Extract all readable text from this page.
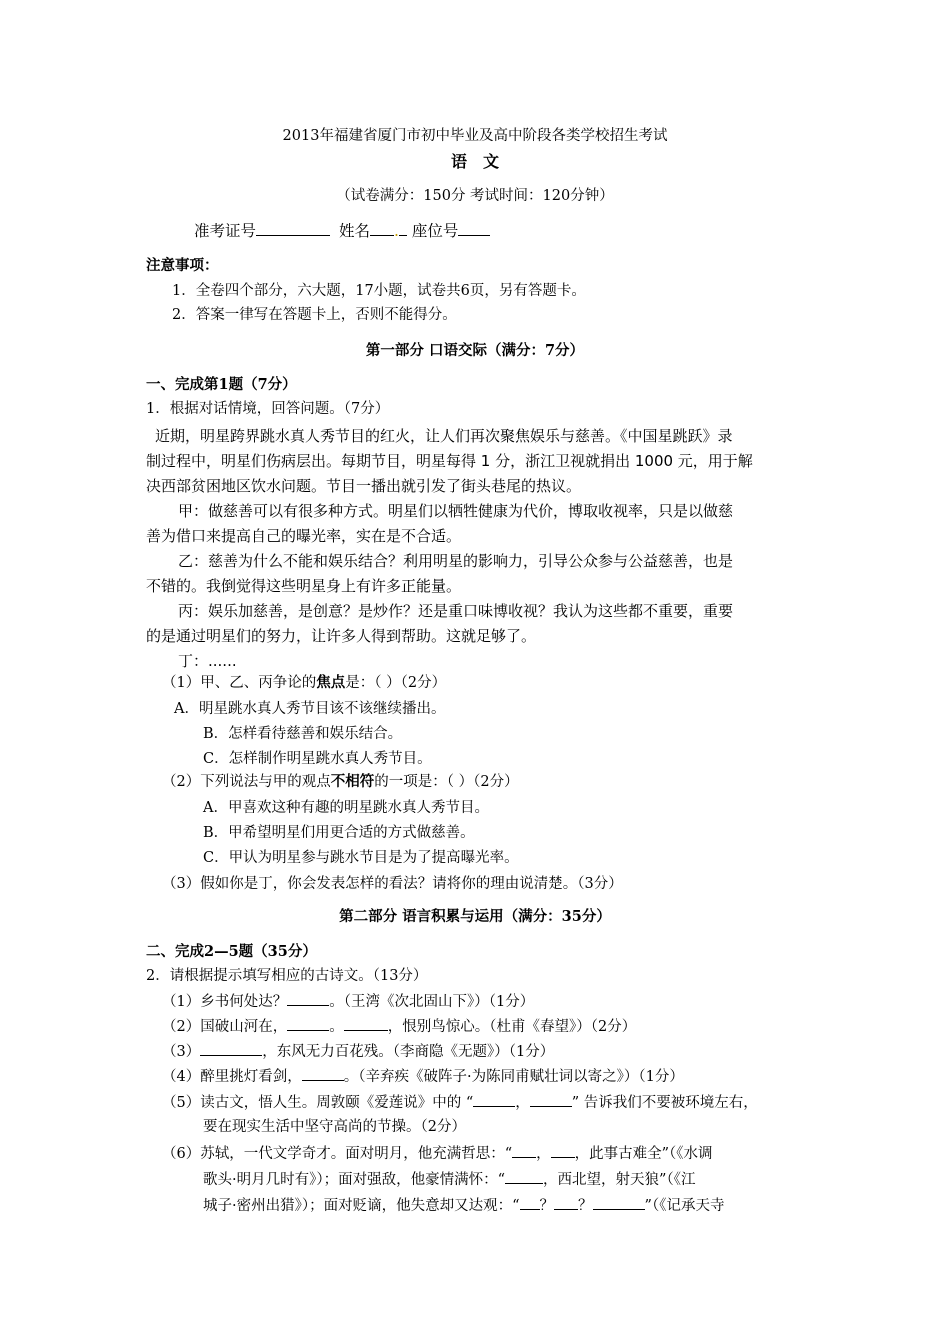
2013年福建省厦门市初中毕业及高中阶段各类学校招生考试
语　文
（试卷满分：150分 考试时间：120分钟）
准考证号	姓名 . 座位号
注意事项：
1．全卷四个部分，六大题，17小题，试卷共6页，另有答题卡。
2．答案一律写在答题卡上，否则不能得分。
第一部分 口语交际（满分：7分）
一、完成第1题（7分）
1．根据对话情境，回答问题。（7分）
近期，明星跨界跳水真人秀节目的红火，让人们再次聚焦娱乐与慈善。《中国星跳跃》录
制过程中，明星们伤病层出。每期节目，明星每得 1 分，浙江卫视就捐出 1000 元，用于解
决西部贫困地区饮水问题。节目一播出就引发了街头巷尾的热议。
甲：做慈善可以有很多种方式。明星们以牺牲健康为代价，博取收视率，只是以做慈
善为借口来提高自己的曝光率，实在是不合适。
乙：慈善为什么不能和娱乐结合？利用明星的影响力，引导公众参与公益慈善，也是
不错的。我倒觉得这些明星身上有许多正能量。
丙：娱乐加慈善，是创意？是炒作？还是重口味博收视？我认为这些都不重要，重要
的是通过明星们的努力，让许多人得到帮助。这就足够了。
丁：......
（1）甲、乙、丙争论的焦点是：（ ）（2分）
A．明星跳水真人秀节目该不该继续播出。
B．怎样看待慈善和娱乐结合。
C．怎样制作明星跳水真人秀节目。
（2）下列说法与甲的观点不相符的一项是：（ ）（2分）
A．甲喜欢这种有趣的明星跳水真人秀节目。
B．甲希望明星们用更合适的方式做慈善。
C．甲认为明星参与跳水节目是为了提高曝光率。
（3）假如你是丁，你会发表怎样的看法？请将你的理由说清楚。（3分）
第二部分 语言积累与运用（满分：35分）
二、完成2—5题（35分）
2．请根据提示填写相应的古诗文。（13分）
（1）乡书何处达？	。（王湾《次北固山下》）（1分）
（2）国破山河在，	。	，恨别鸟惊心。（杜甫《春望》）（2分）
（3）	，东风无力百花残。（李商隐《无题》）（1分）
（4）醉里挑灯看剑，	。（辛弃疾《破阵子·为陈同甫赋壮词以寄之》）（1分）
（5）读古文，悟人生。周敦颐《爱莲说》中的 “	，	” 告诉我们不要被环境左右，
要在现实生活中坚守高尚的节操。（2分）
（6）苏轼，一代文学奇才。面对明月，他充满哲思：“ ， ，此事古难全”（《水调
歌头·明月几时有》）；面对强敌，他豪情满怀：“	，西北望，射天狼”（《江
城子·密州出猎》）；面对贬谪，他失意却又达观：“ ？ ？	”（《记承天寺
